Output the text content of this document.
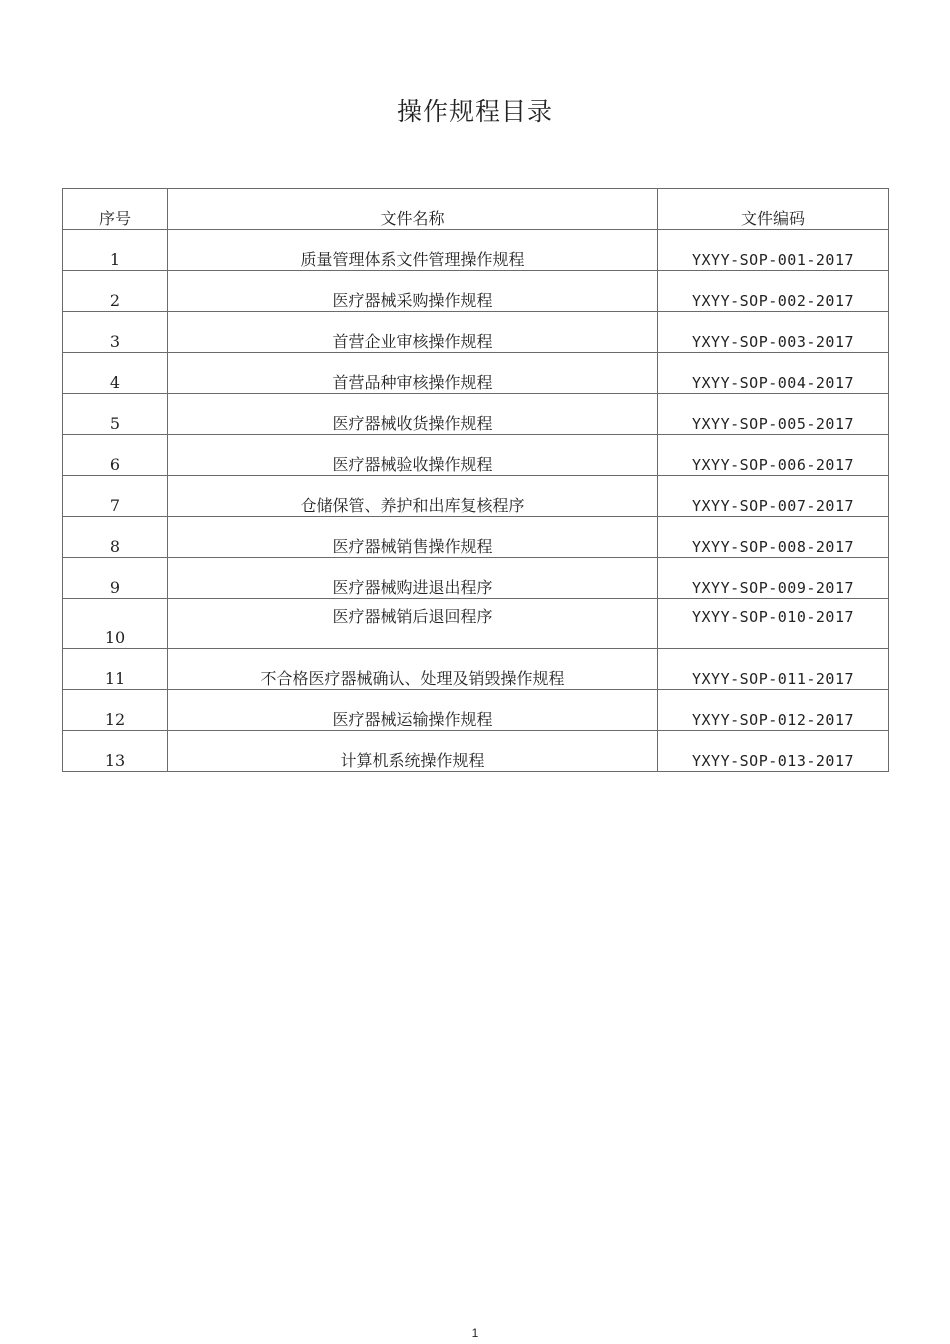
操作规程目录
序号	文件名称	文件编码
1	质量管理体系文件管理操作规程	YXYY-SOP-001-2017
2	医疗器械采购操作规程	YXYY-SOP-002-2017
3	首营企业审核操作规程	YXYY-SOP-003-2017
4	首营品种审核操作规程	YXYY-SOP-004-2017
5	医疗器械收货操作规程	YXYY-SOP-005-2017
6	医疗器械验收操作规程	YXYY-SOP-006-2017
7	仓储保管、养护和出库复核程序	YXYY-SOP-007-2017
8	医疗器械销售操作规程	YXYY-SOP-008-2017
9	医疗器械购进退出程序	YXYY-SOP-009-2017
10	医疗器械销后退回程序	YXYY-SOP-010-2017
11	不合格医疗器械确认、处理及销毁操作规程	YXYY-SOP-011-2017
12	医疗器械运输操作规程	YXYY-SOP-012-2017
13	计算机系统操作规程	YXYY-SOP-013-2017
1
